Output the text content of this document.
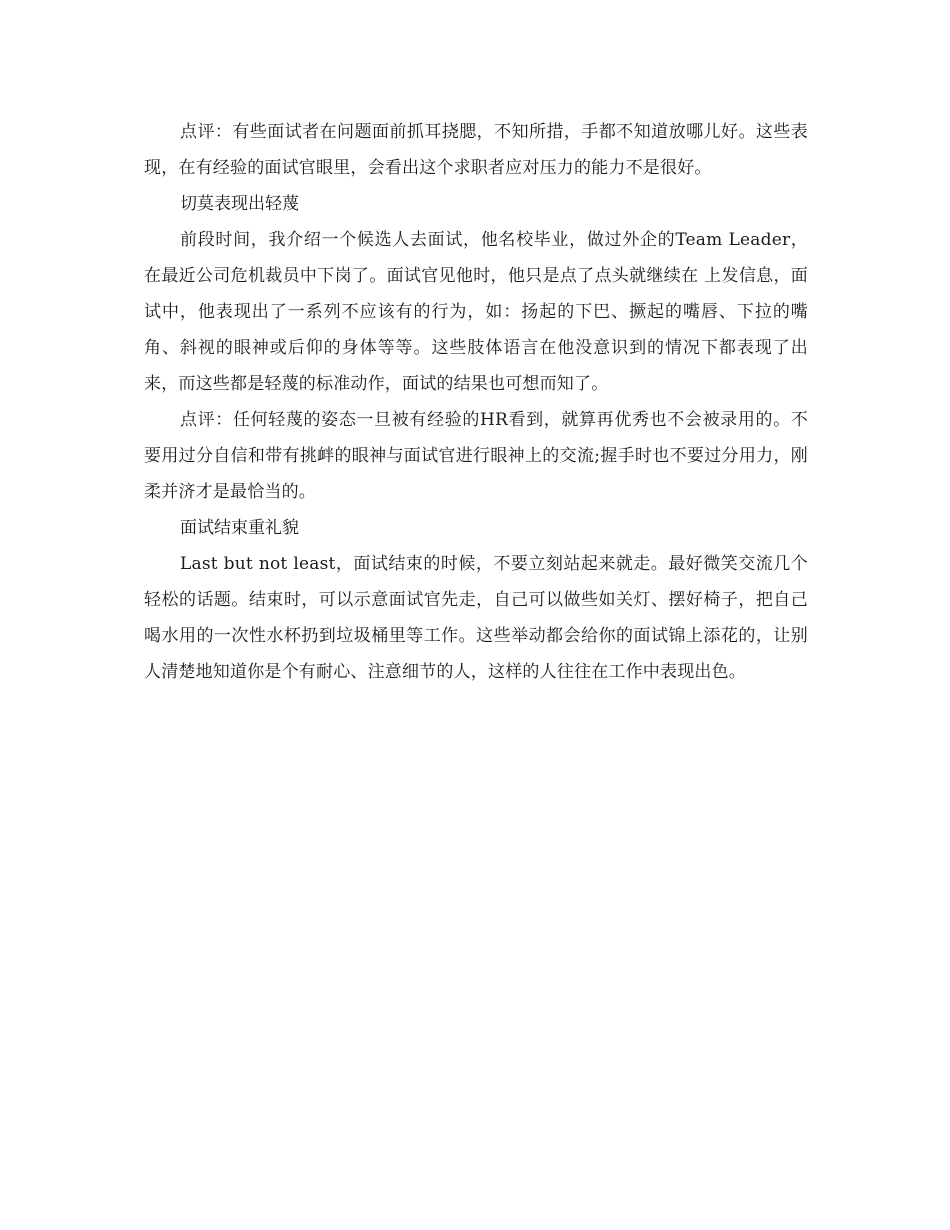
点评：有些面试者在问题面前抓耳挠腮，不知所措，手都不知道放哪儿好。这些表现，在有经验的面试官眼里，会看出这个求职者应对压力的能力不是很好。

切莫表现出轻蔑

前段时间，我介绍一个候选人去面试，他名校毕业，做过外企的Team Leader，在最近公司危机裁员中下岗了。面试官见他时，他只是点了点头就继续在 上发信息，面试中，他表现出了一系列不应该有的行为，如：扬起的下巴、撅起的嘴唇、下拉的嘴角、斜视的眼神或后仰的身体等等。这些肢体语言在他没意识到的情况下都表现了出来，而这些都是轻蔑的标准动作，面试的结果也可想而知了。

点评：任何轻蔑的姿态一旦被有经验的HR看到，就算再优秀也不会被录用的。不要用过分自信和带有挑衅的眼神与面试官进行眼神上的交流;握手时也不要过分用力，刚柔并济才是最恰当的。

面试结束重礼貌

Last but not least，面试结束的时候，不要立刻站起来就走。最好微笑交流几个轻松的话题。结束时，可以示意面试官先走，自己可以做些如关灯、摆好椅子，把自己喝水用的一次性水杯扔到垃圾桶里等工作。这些举动都会给你的面试锦上添花的，让别人清楚地知道你是个有耐心、注意细节的人，这样的人往往在工作中表现出色。
